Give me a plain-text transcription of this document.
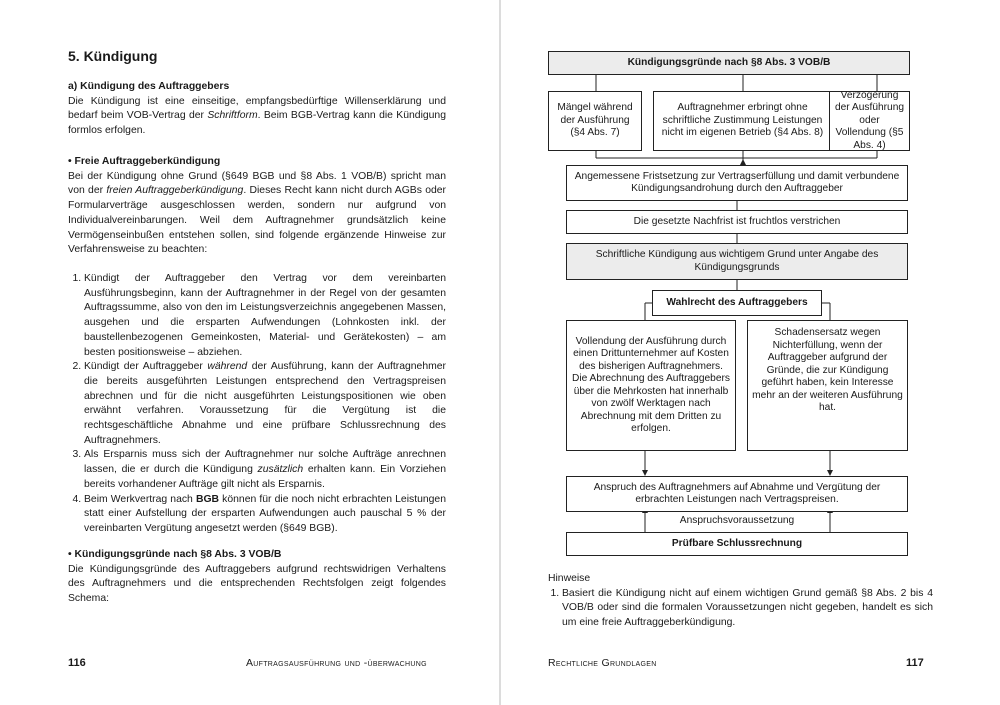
5. Kündigung

a) Kündigung des Auftraggebers
Die Kündigung ist eine einseitige, empfangsbedürftige Willenserklärung und bedarf beim VOB-Vertrag der Schriftform. Beim BGB-Vertrag kann die Kündigung formlos erfolgen.
• Freie Auftraggeberkündigung
Bei der Kündigung ohne Grund (§649 BGB und §8 Abs. 1 VOB/B) spricht man von der freien Auftraggeberkündigung. Dieses Recht kann nicht durch AGBs oder Formularverträge ausgeschlossen werden, sondern nur aufgrund von Individualvereinbarungen. Weil dem Auftragnehmer grundsätzlich keine Vermögenseinbußen entstehen sollen, sind folgende ergänzende Hinweise zur Verfahrensweise zu beachten:
1. Kündigt der Auftraggeber den Vertrag vor dem vereinbarten Ausführungsbeginn, kann der Auftragnehmer in der Regel von der gesamten Auftragssumme, also von den im Leistungsverzeichnis angegebenen Massen, ausgehen und die ersparten Aufwendungen (Lohnkosten inkl. der baustellenbezogenen Gemeinkosten, Material- und Gerätekosten) – am besten positionsweise – abziehen.
2. Kündigt der Auftraggeber während der Ausführung, kann der Auftragnehmer die bereits ausgeführten Leistungen entsprechend den Vertragspreisen abrechnen und für die nicht ausgeführten Leistungspositionen wie oben erwähnt verfahren. Voraussetzung für die Vergütung ist die rechtsgeschäftliche Abnahme und eine prüfbare Schlussrechnung des Auftragnehmers.
3. Als Ersparnis muss sich der Auftragnehmer nur solche Aufträge anrechnen lassen, die er durch die Kündigung zusätzlich erhalten kann. Ein Vorziehen bereits vorhandener Aufträge gilt nicht als Ersparnis.
4. Beim Werkvertrag nach BGB können für die noch nicht erbrachten Leistungen statt einer Aufstellung der ersparten Aufwendungen auch pauschal 5 % der vereinbarten Vergütung angesetzt werden (§649 BGB).
• Kündigungsgründe nach §8 Abs. 3 VOB/B
Die Kündigungsgründe des Auftraggebers aufgrund rechtswidrigen Verhaltens des Auftragnehmers und die entsprechenden Rechtsfolgen zeigt folgendes Schema:

116	Auftragsausführung und -überwachung

Kündigungsgründe nach §8 Abs. 3 VOB/B
Mängel während der Ausführung (§4 Abs. 7)
Auftragnehmer erbringt ohne schriftliche Zustimmung Leistungen nicht im eigenen Betrieb (§4 Abs. 8)
Verzögerung der Ausführung oder Vollendung (§5 Abs. 4)
Angemessene Fristsetzung zur Vertragserfüllung und damit verbundene Kündigungsandrohung durch den Auftraggeber
Die gesetzte Nachfrist ist fruchtlos verstrichen
Schriftliche Kündigung aus wichtigem Grund unter Angabe des Kündigungsgrunds
Wahlrecht des Auftraggebers
Vollendung der Ausführung durch einen Drittunternehmer auf Kosten des bisherigen Auftragnehmers. Die Abrechnung des Auftraggebers über die Mehrkosten hat innerhalb von zwölf Werktagen nach Abrechnung mit dem Dritten zu erfolgen.
Schadensersatz wegen Nichterfüllung, wenn der Auftraggeber aufgrund der Gründe, die zur Kündigung geführt haben, kein Interesse mehr an der weiteren Ausführung hat.
Anspruch des Auftragnehmers auf Abnahme und Vergütung der erbrachten Leistungen nach Vertragspreisen.
Anspruchsvoraussetzung
Prüfbare Schlussrechnung
Hinweise
1. Basiert die Kündigung nicht auf einem wichtigen Grund gemäß §8 Abs. 2 bis 4 VOB/B oder sind die formalen Voraussetzungen nicht gegeben, handelt es sich um eine freie Auftraggeberkündigung.

Rechtliche Grundlagen	117
